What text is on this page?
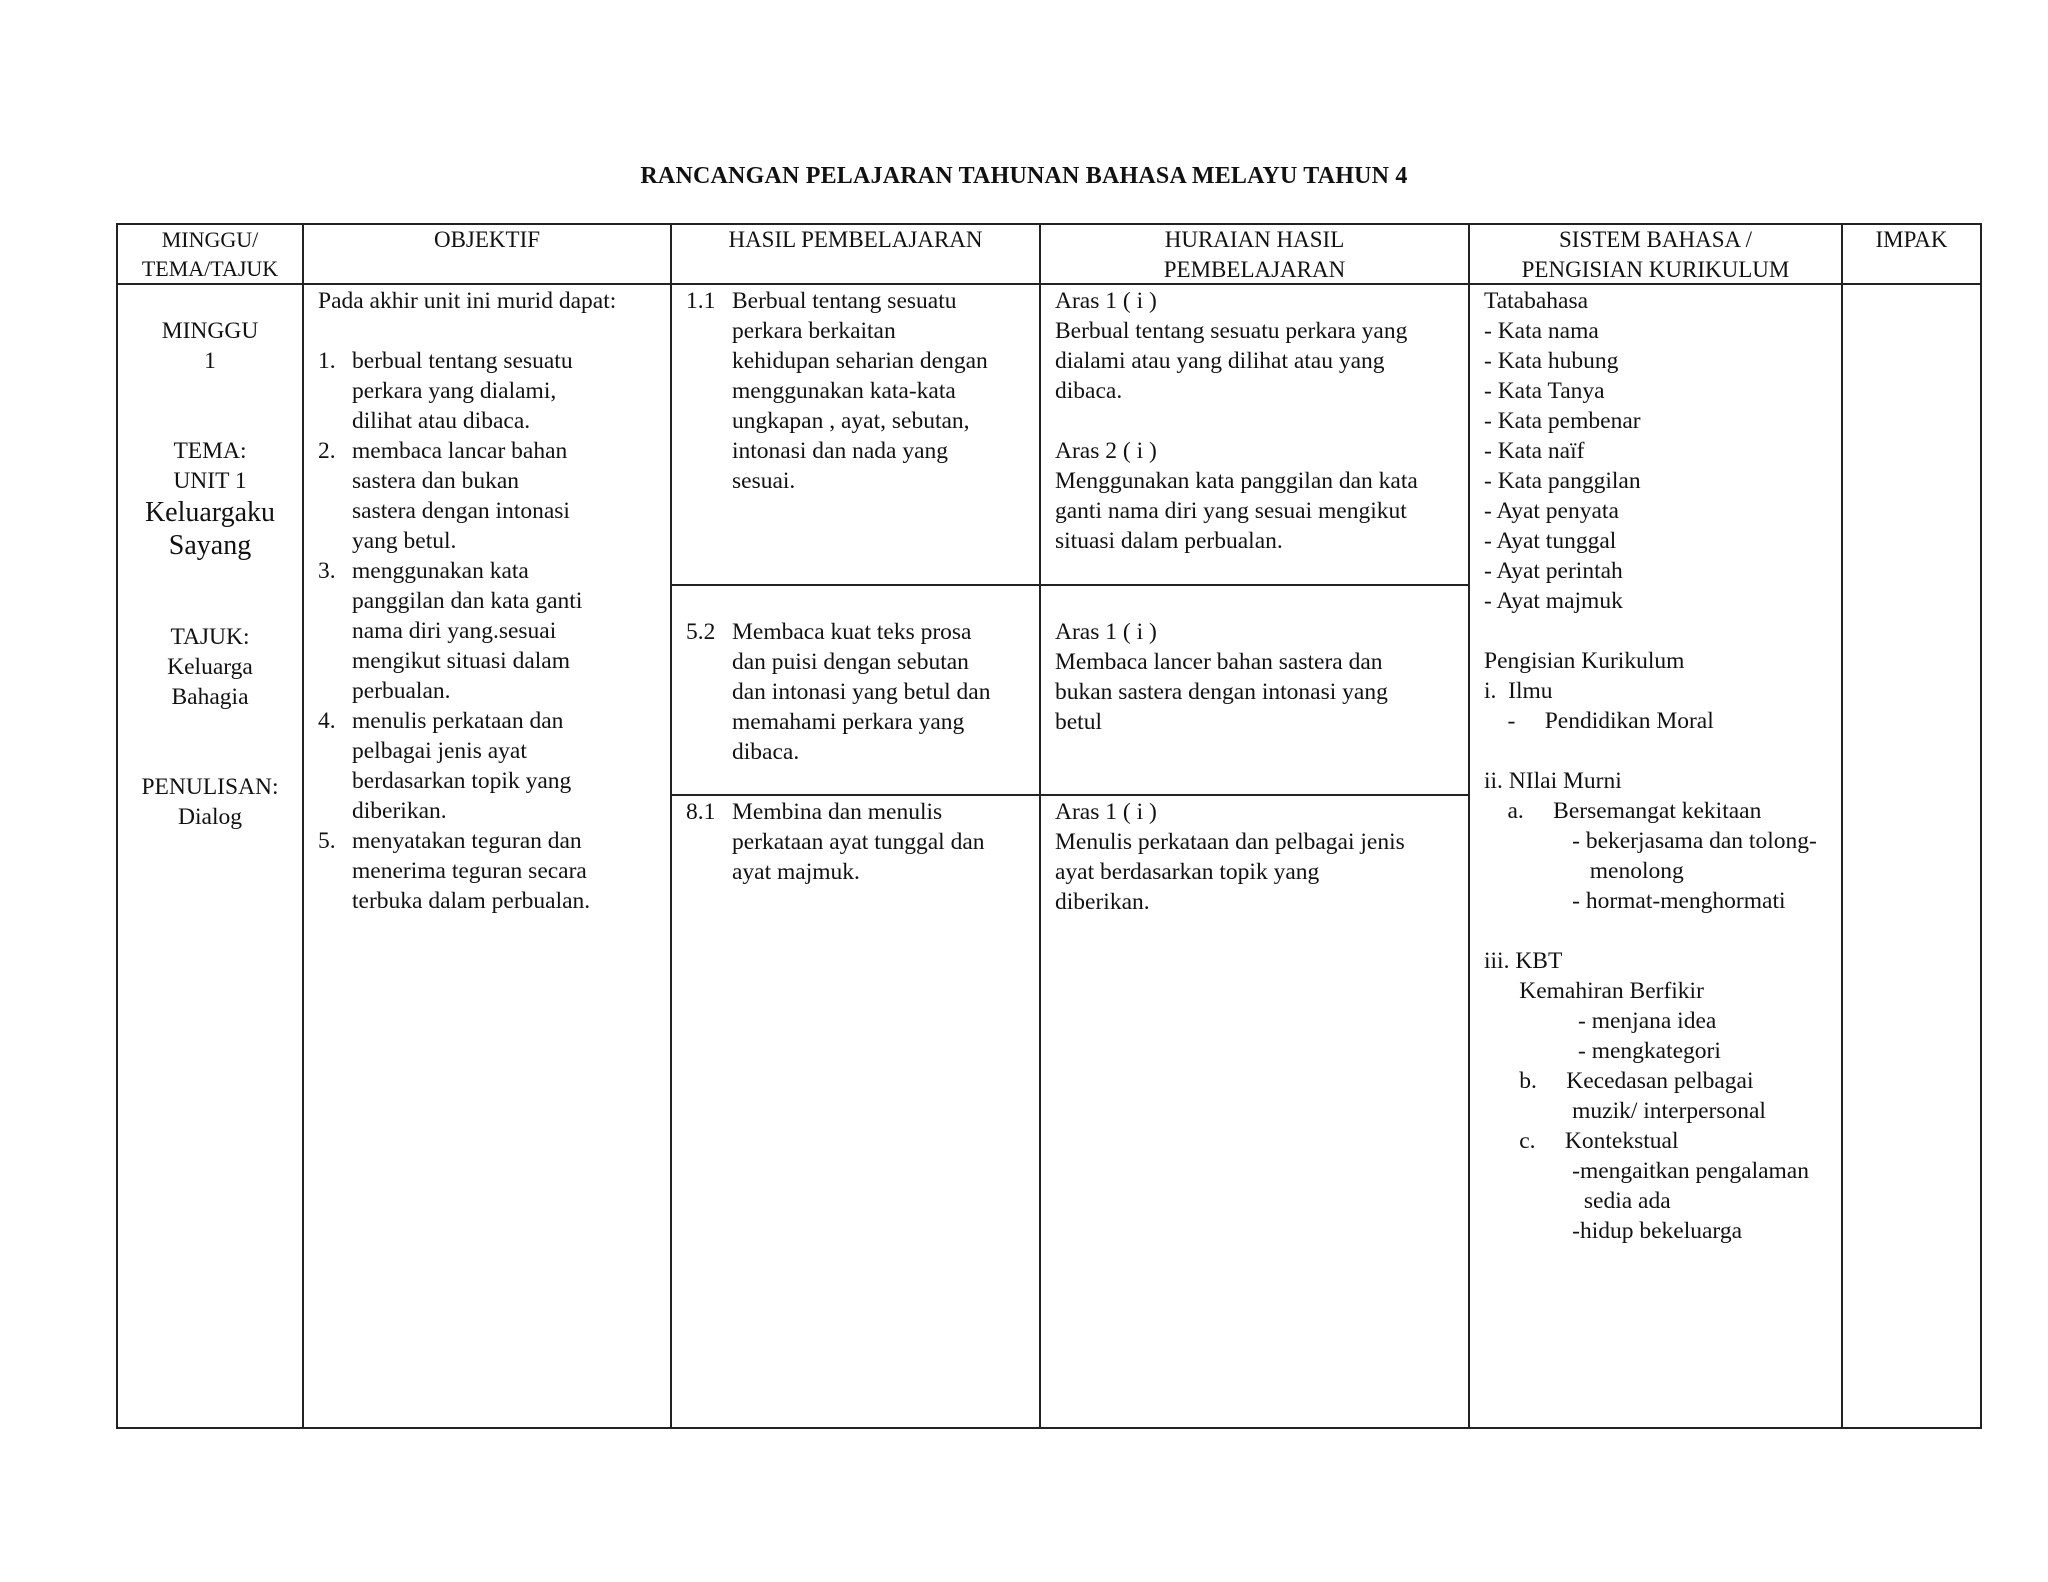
RANCANGAN PELAJARAN TAHUNAN BAHASA MELAYU TAHUN 4
MINGGU/
TEMA/TAJUK
OBJEKTIF	HASIL PEMBELAJARAN	HURAIAN HASIL
PEMBELAJARAN
SISTEM BAHASA /
PENGISIAN KURIKULUM
IMPAK
MINGGU
1
TEMA:
UNIT 1
Keluargaku
Sayang
TAJUK:
Keluarga
Bahagia
PENULISAN:
Dialog
Pada akhir unit ini murid dapat:
1. berbual tentang sesuatu
perkara yang dialami,
dilihat atau dibaca.
2. membaca lancar bahan
sastera dan bukan
sastera dengan intonasi
yang betul.
3. menggunakan kata
panggilan dan kata ganti
nama diri yang.sesuai
mengikut situasi dalam
perbualan.
4. menulis perkataan dan
pelbagai jenis ayat
berdasarkan topik yang
diberikan.
5. menyatakan teguran dan
menerima teguran secara
terbuka dalam perbualan.
1.1 Berbual tentang sesuatu
perkara berkaitan
kehidupan seharian dengan
menggunakan kata-kata
ungkapan , ayat, sebutan,
intonasi dan nada yang
sesuai.
5.2 Membaca kuat teks prosa
dan puisi dengan sebutan
dan intonasi yang betul dan
memahami perkara yang
dibaca.
8.1 Membina dan menulis
perkataan ayat tunggal dan
ayat majmuk.
Aras 1 ( i )
Berbual tentang sesuatu perkara yang
dialami atau yang dilihat atau yang
dibaca.
Aras 2 ( i )
Menggunakan kata panggilan dan kata
ganti nama diri yang sesuai mengikut
situasi dalam perbualan.
Aras 1 ( i )
Membaca lancer bahan sastera dan
bukan sastera dengan intonasi yang
betul
Aras 1 ( i )
Menulis perkataan dan pelbagai jenis
ayat berdasarkan topik yang
diberikan.
Tatabahasa
- Kata nama
- Kata hubung
- Kata Tanya
- Kata pembenar
- Kata naïf
- Kata panggilan
- Ayat penyata
- Ayat tunggal
- Ayat perintah
- Ayat majmuk
Pengisian Kurikulum
i.  Ilmu
-     Pendidikan Moral
ii. NIlai Murni
a.     Bersemangat kekitaan
- bekerjasama dan tolong-
menolong
- hormat-menghormati
iii. KBT
Kemahiran Berfikir
- menjana idea
- mengkategori
b.     Kecedasan pelbagai
muzik/ interpersonal
c.     Kontekstual
-mengaitkan pengalaman
sedia ada
-hidup bekeluarga
